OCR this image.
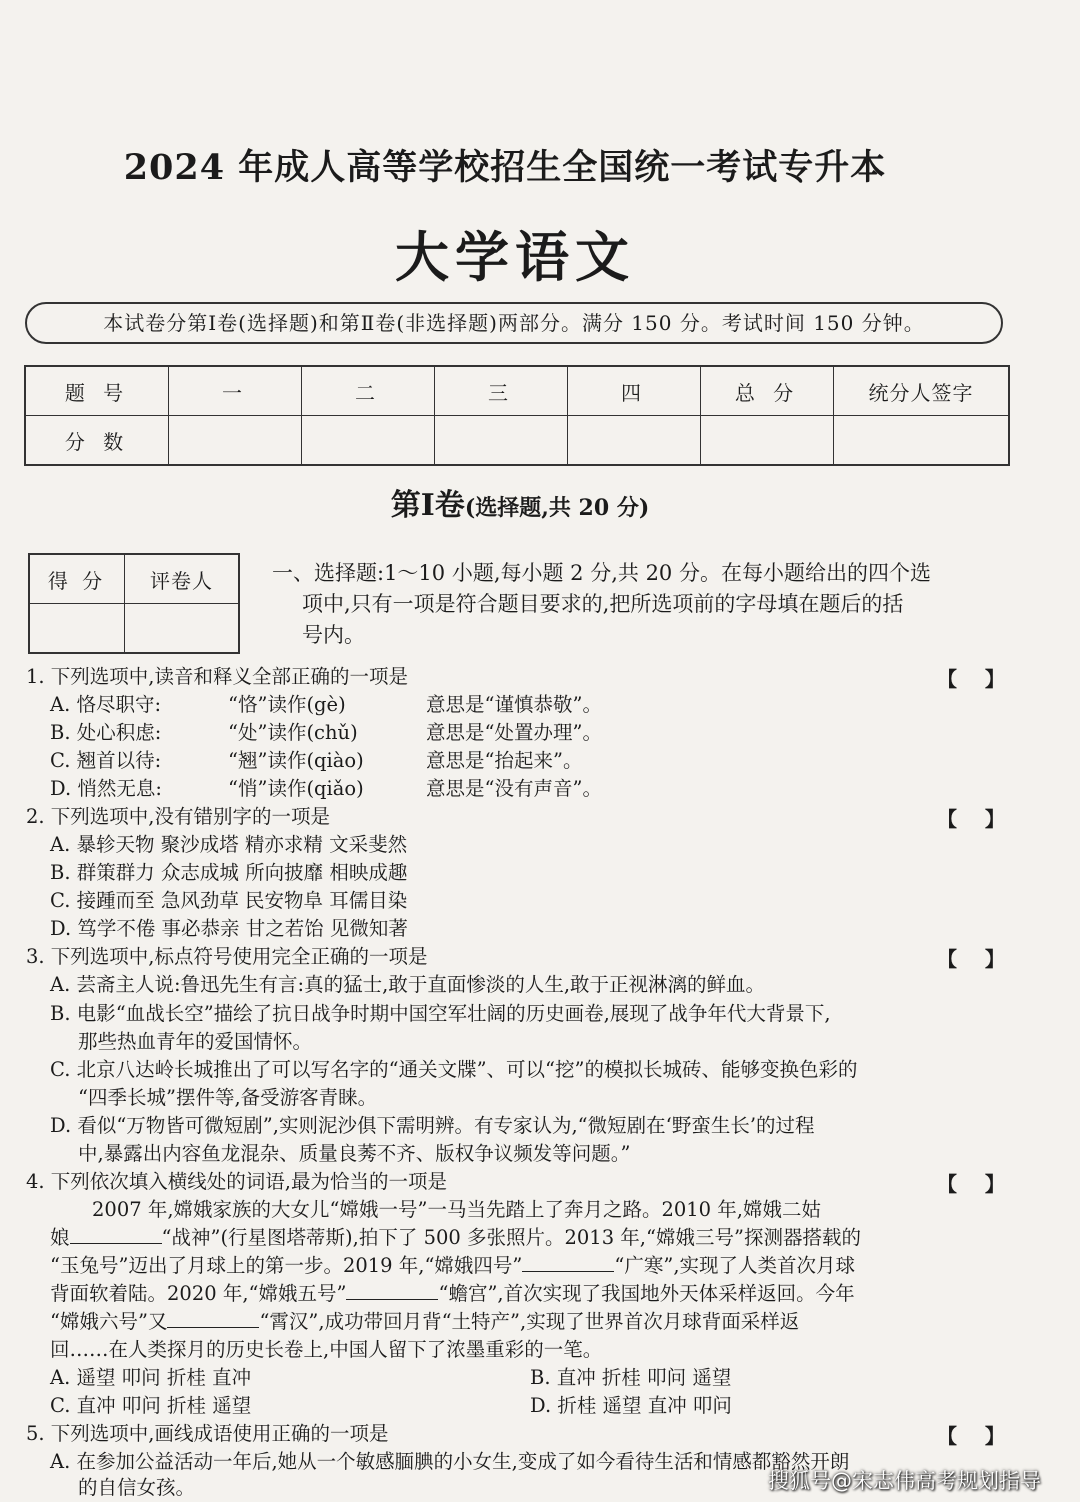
2024 年成人高等学校招生全国统一考试专升本
大学语文
本试卷分第Ⅰ卷(选择题)和第Ⅱ卷(非选择题)两部分。满分 150 分。考试时间 150 分钟。
题 号	一	二	三	四	总 分	统分人签字
分 数						
第Ⅰ卷(选择题,共 20 分)
得 分	评卷人
		一、选择题:1～10 小题,每小题 2 分,共 20 分。在每小题给出的四个选
项中,只有一项是符合题目要求的,把所选项前的字母填在题后的括
号内。
1. 下列选项中,读音和释义全部正确的一项是	【    】
A. 恪尽职守:	“恪”读作(gè)	意思是“谨慎恭敬”。
B. 处心积虑:	“处”读作(chǔ)	意思是“处置办理”。
C. 翘首以待:	“翘”读作(qiào)	意思是“抬起来”。
D. 悄然无息:	“悄”读作(qiǎo)	意思是“没有声音”。
2. 下列选项中,没有错别字的一项是	【    】
A. 暴轸天物 聚沙成塔 精亦求精 文采斐然
B. 群策群力 众志成城 所向披靡 相映成趣
C. 接踵而至 急风劲草 民安物阜 耳儒目染
D. 笃学不倦 事必恭亲 甘之若饴 见微知著
3. 下列选项中,标点符号使用完全正确的一项是	【    】
A. 芸斋主人说:鲁迅先生有言:真的猛士,敢于直面惨淡的人生,敢于正视淋漓的鲜血。
B. 电影“血战长空”描绘了抗日战争时期中国空军壮阔的历史画卷,展现了战争年代大背景下,
那些热血青年的爱国情怀。
C. 北京八达岭长城推出了可以写名字的“通关文牒”、可以“挖”的模拟长城砖、能够变换色彩的
“四季长城”摆件等,备受游客青睐。
D. 看似“万物皆可微短剧”,实则泥沙俱下需明辨。有专家认为,“微短剧在‘野蛮生长’的过程
中,暴露出内容鱼龙混杂、质量良莠不齐、版权争议频发等问题。”
4. 下列依次填入横线处的词语,最为恰当的一项是	【    】
2007 年,嫦娥家族的大女儿“嫦娥一号”一马当先踏上了奔月之路。2010 年,嫦娥二姑
娘	“战神”(行星图塔蒂斯),拍下了 500 多张照片。2013 年,“嫦娥三号”探测器搭载的
“玉兔号”迈出了月球上的第一步。2019 年,“嫦娥四号”	“广寒”,实现了人类首次月球
背面软着陆。2020 年,“嫦娥五号”	“蟾宫”,首次实现了我国地外天体采样返回。今年
“嫦娥六号”又	“霄汉”,成功带回月背“土特产”,实现了世界首次月球背面采样返
回……在人类探月的历史长卷上,中国人留下了浓墨重彩的一笔。
A. 遥望 叩问 折桂 直冲	B. 直冲 折桂 叩问 遥望
C. 直冲 叩问 折桂 遥望	D. 折桂 遥望 直冲 叩问
5. 下列选项中,画线成语使用正确的一项是	【    】
A. 在参加公益活动一年后,她从一个敏感腼腆的小女生,变成了如今看待生活和情感都豁然开朗
的自信女孩。	搜狐号@宋志伟高考规划指导
